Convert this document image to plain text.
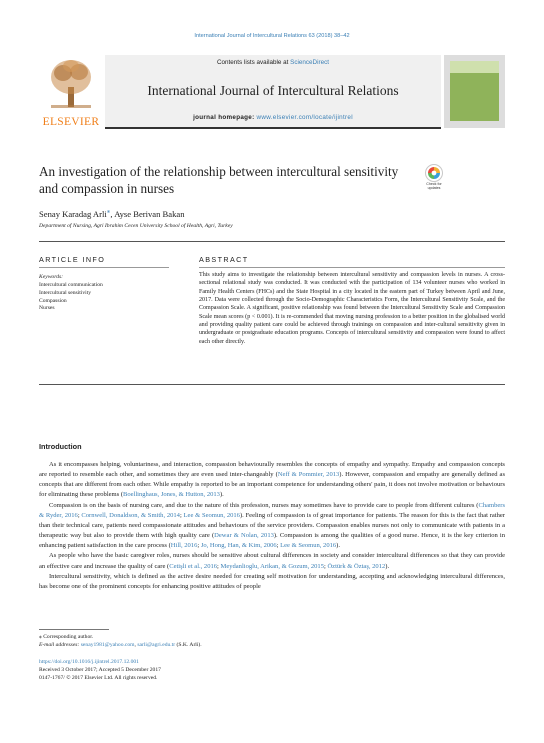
International Journal of Intercultural Relations 63 (2018) 38–42
ELSEVIER
Contents lists available at ScienceDirect
International Journal of Intercultural Relations
journal homepage: www.elsevier.com/locate/ijintrel
An investigation of the relationship between intercultural sensitivity and compassion in nurses	Check for updates
Senay Karadag Arli⁎, Ayse Berivan Bakan
Department of Nursing, Agri Ibrahim Cecen University School of Health, Agri, Turkey
ARTICLE INFO
Keywords:
Intercultural communication
Intercultural sensitivity
Compassion
Nurses
ABSTRACT
This study aims to investigate the relationship between intercultural sensitivity and compassion levels in nurses. A cross-sectional relational study was conducted. It was conducted with the participation of 134 volunteer nurses who worked in Family Health Centers (FHCs) and the State Hospital in a city located in the eastern part of Turkey between April and June, 2017. Data were collected through the Socio-Demographic Characteristics Form, the Intercultural Sensitivity Scale, and the Compassion Scale. A significant, positive relationship was found between the Intercultural Sensitivity Scale and Compassion Scale mean scores (p < 0.001). It is re-commended that moving nursing profession to a better position in the globalised world and providing quality patient care could be achieved through trainings on compassion and inter-cultural sensitivity given in undergraduate or postgraduate education programs. Concepts of intercultural sensitivity and compassion were found to affect each other directly.
Introduction

As it encompasses helping, voluntariness, and interaction, compassion behaviourally resembles the concepts of empathy and sympathy. Empathy and compassion concepts are reported to resemble each other, and sometimes they are even used inter-changeably (Neff & Pommier, 2013). However, compassion and empathy are generally defined as concepts that are different from each other. While empathy is reported to be an important competence for understanding others' pain, it does not involve motivation or behaviours for eliminating these problems (Boellinghaus, Jones, & Hutton, 2013).

Compassion is on the basis of nursing care, and due to the nature of this profession, nurses may sometimes have to provide care to people from different cultures (Chambers & Ryder, 2016; Cornwell, Donaldson, & Smith, 2014; Lee & Seomun, 2016). Feeling of compassion is of great importance for patients. The reason for this is the fact that rather than their technical care, patients need compassionate attitudes and behaviours of the service providers. Compassion enables nurses not only to communicate with patients in a therapeutic way but also to provide them with high quality care (Dewar & Nolan, 2013). Compassion is among the qualities of a good nurse. Hence, it is the key criterion in enhancing patient satisfaction in the care process (Hill, 2016; Jo, Hong, Han, & Kim, 2006; Lee & Seomun, 2016).

As people who have the basic caregiver roles, nurses should be sensitive about cultural differences in society and consider intercultural differences so that they can provide an effective care and increase the quality of care (Cetişli et al., 2016; Meydanlioglu, Arikan, & Gozum, 2015; Öztürk & Öztaş, 2012).

Intercultural sensitivity, which is defined as the active desire needed for creating self motivation for understanding, accepting and acknowledging intercultural differences, has become one of the prominent concepts for enhancing positive attitudes of people

⁎ Corresponding author.
E-mail addresses: senay1981@yahoo.com, sarli@agri.edu.tr (S.K. Arli).
https://doi.org/10.1016/j.ijintrel.2017.12.001
Received 3 October 2017; Accepted 5 December 2017
0147-1767/ © 2017 Elsevier Ltd. All rights reserved.
